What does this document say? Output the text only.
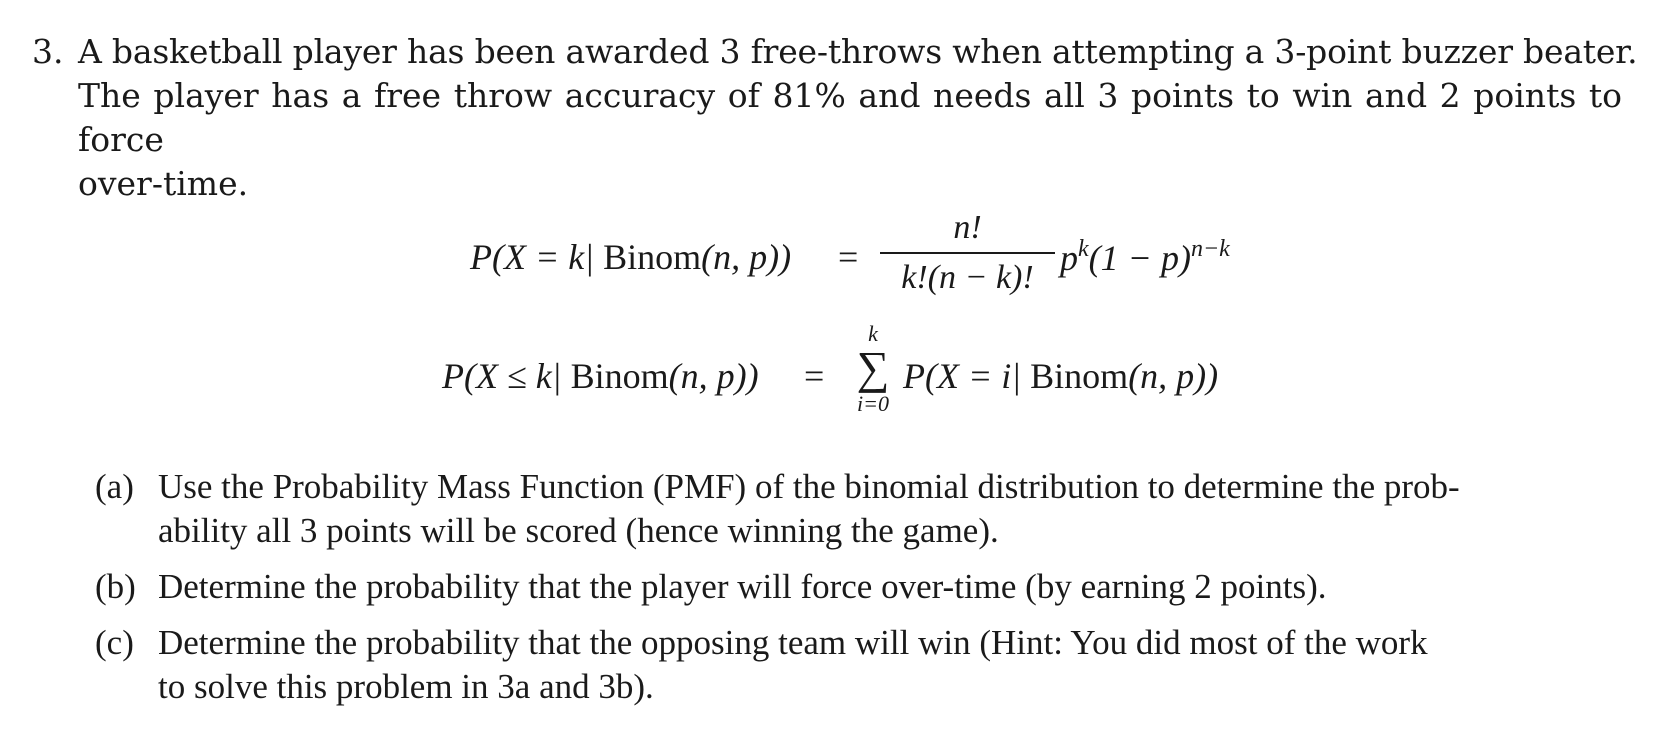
3. A basketball player has been awarded 3 free-throws when attempting a 3-point buzzer beater.
The player has a free throw accuracy of 81% and needs all 3 points to win and 2 points to force
over-time.
P(X = k| Binom(n, p)) =
n!
k!(n − k)! $p^k(1 - p)^{n-k}$
P(X ≤ k| Binom(n, p)) =
k
∑
i=0
P(X = i| Binom(n, p))
(a) Use the Probability Mass Function (PMF) of the binomial distribution to determine the prob-
ability all 3 points will be scored (hence winning the game).
(b) Determine the probability that the player will force over-time (by earning 2 points).
(c) Determine the probability that the opposing team will win (Hint: You did most of the work
to solve this problem in 3a and 3b).
